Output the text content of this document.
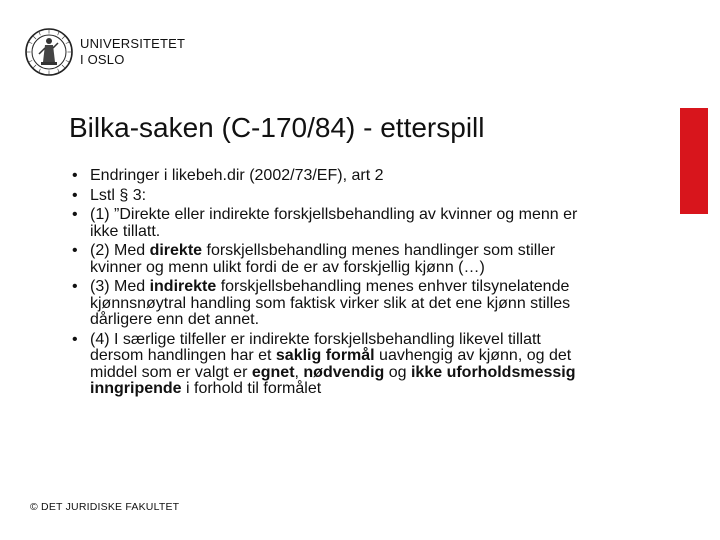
UNIVERSITETET
I OSLO
Bilka-saken (C-170/84) - etterspill
• Endringer i likebeh.dir (2002/73/EF), art 2
• Lstl § 3:
• (1) ”Direkte eller indirekte forskjellsbehandling av kvinner og menn er ikke tillatt.
• (2) Med direkte forskjellsbehandling menes handlinger som stiller kvinner og menn ulikt fordi de er av forskjellig kjønn (…)
• (3) Med indirekte forskjellsbehandling menes enhver tilsynelatende kjønnsnøytral handling som faktisk virker slik at det ene kjønn stilles dårligere enn det annet.
• (4) I særlige tilfeller er indirekte forskjellsbehandling likevel tillatt dersom handlingen har et saklig formål uavhengig av kjønn, og det middel som er valgt er egnet, nødvendig og ikke uforholdsmessig inngripende i forhold til formålet
© DET JURIDISKE FAKULTET
